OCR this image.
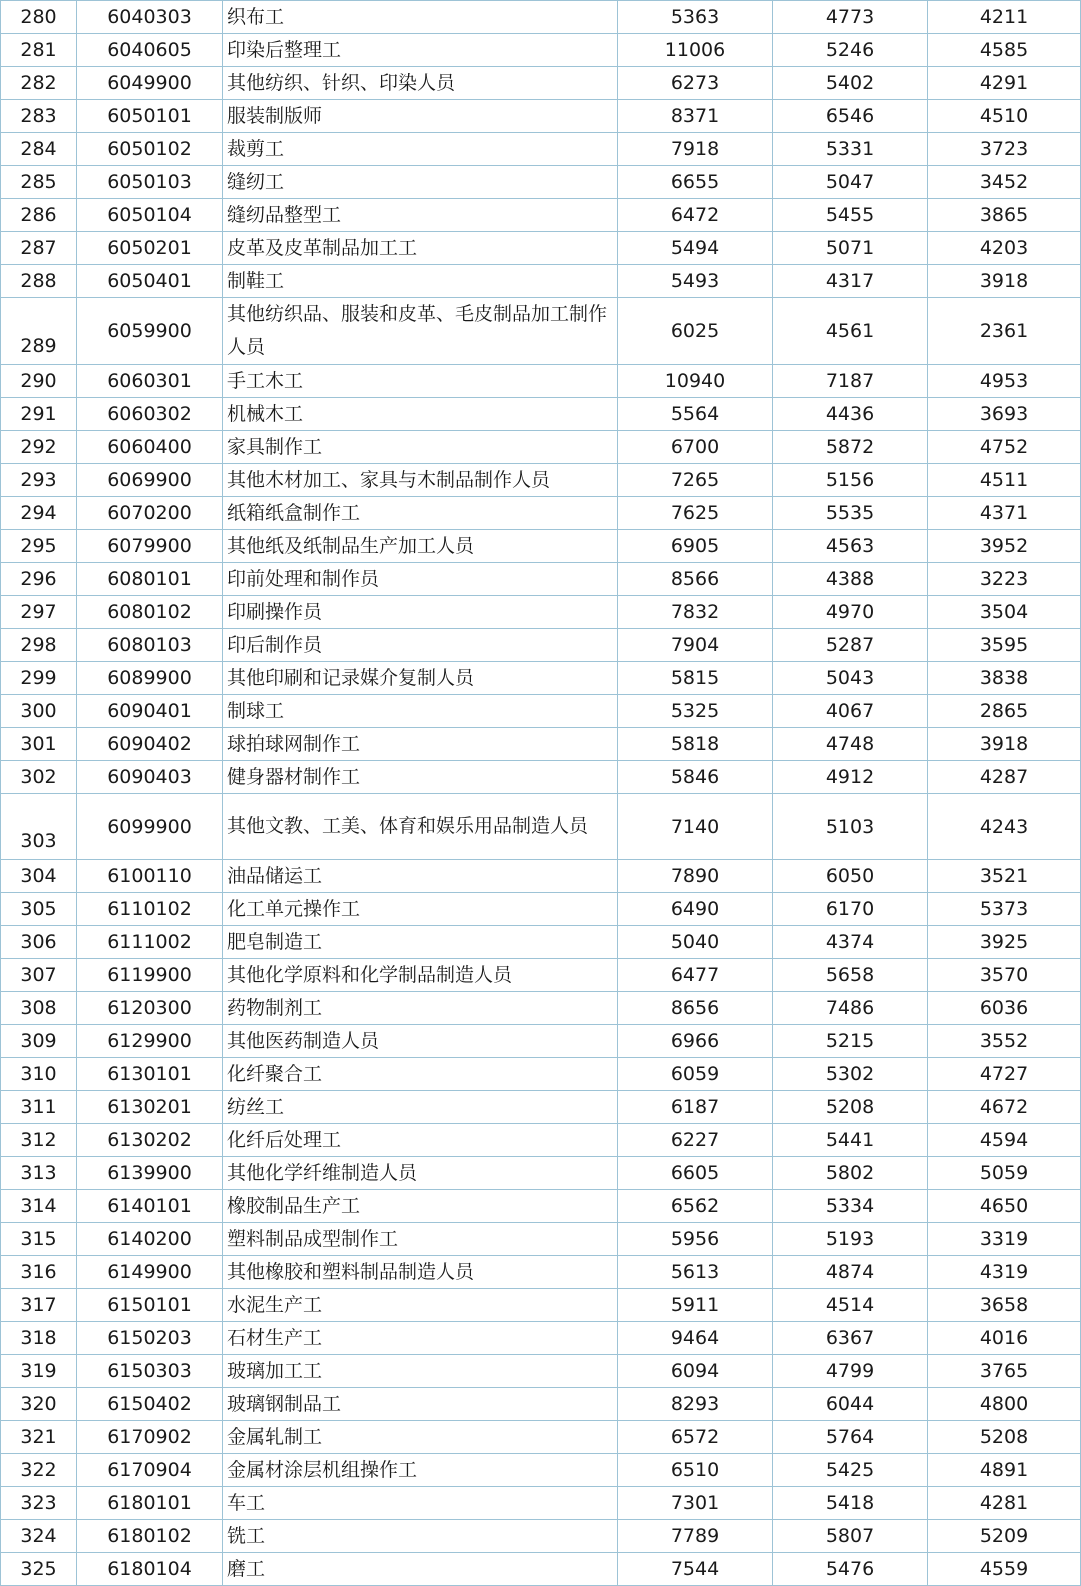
280	6040303	织布工	5363	4773	4211
281	6040605	印染后整理工	11006	5246	4585
282	6049900	其他纺织、针织、印染人员	6273	5402	4291
283	6050101	服装制版师	8371	6546	4510
284	6050102	裁剪工	7918	5331	3723
285	6050103	缝纫工	6655	5047	3452
286	6050104	缝纫品整型工	6472	5455	3865
287	6050201	皮革及皮革制品加工工	5494	5071	4203
288	6050401	制鞋工	5493	4317	3918
289	6059900	其他纺织品、服装和皮革、毛皮制品加工制作人员	6025	4561	2361
290	6060301	手工木工	10940	7187	4953
291	6060302	机械木工	5564	4436	3693
292	6060400	家具制作工	6700	5872	4752
293	6069900	其他木材加工、家具与木制品制作人员	7265	5156	4511
294	6070200	纸箱纸盒制作工	7625	5535	4371
295	6079900	其他纸及纸制品生产加工人员	6905	4563	3952
296	6080101	印前处理和制作员	8566	4388	3223
297	6080102	印刷操作员	7832	4970	3504
298	6080103	印后制作员	7904	5287	3595
299	6089900	其他印刷和记录媒介复制人员	5815	5043	3838
300	6090401	制球工	5325	4067	2865
301	6090402	球拍球网制作工	5818	4748	3918
302	6090403	健身器材制作工	5846	4912	4287
303	6099900	其他文教、工美、体育和娱乐用品制造人员	7140	5103	4243
304	6100110	油品储运工	7890	6050	3521
305	6110102	化工单元操作工	6490	6170	5373
306	6111002	肥皂制造工	5040	4374	3925
307	6119900	其他化学原料和化学制品制造人员	6477	5658	3570
308	6120300	药物制剂工	8656	7486	6036
309	6129900	其他医药制造人员	6966	5215	3552
310	6130101	化纤聚合工	6059	5302	4727
311	6130201	纺丝工	6187	5208	4672
312	6130202	化纤后处理工	6227	5441	4594
313	6139900	其他化学纤维制造人员	6605	5802	5059
314	6140101	橡胶制品生产工	6562	5334	4650
315	6140200	塑料制品成型制作工	5956	5193	3319
316	6149900	其他橡胶和塑料制品制造人员	5613	4874	4319
317	6150101	水泥生产工	5911	4514	3658
318	6150203	石材生产工	9464	6367	4016
319	6150303	玻璃加工工	6094	4799	3765
320	6150402	玻璃钢制品工	8293	6044	4800
321	6170902	金属轧制工	6572	5764	5208
322	6170904	金属材涂层机组操作工	6510	5425	4891
323	6180101	车工	7301	5418	4281
324	6180102	铣工	7789	5807	5209
325	6180104	磨工	7544	5476	4559
